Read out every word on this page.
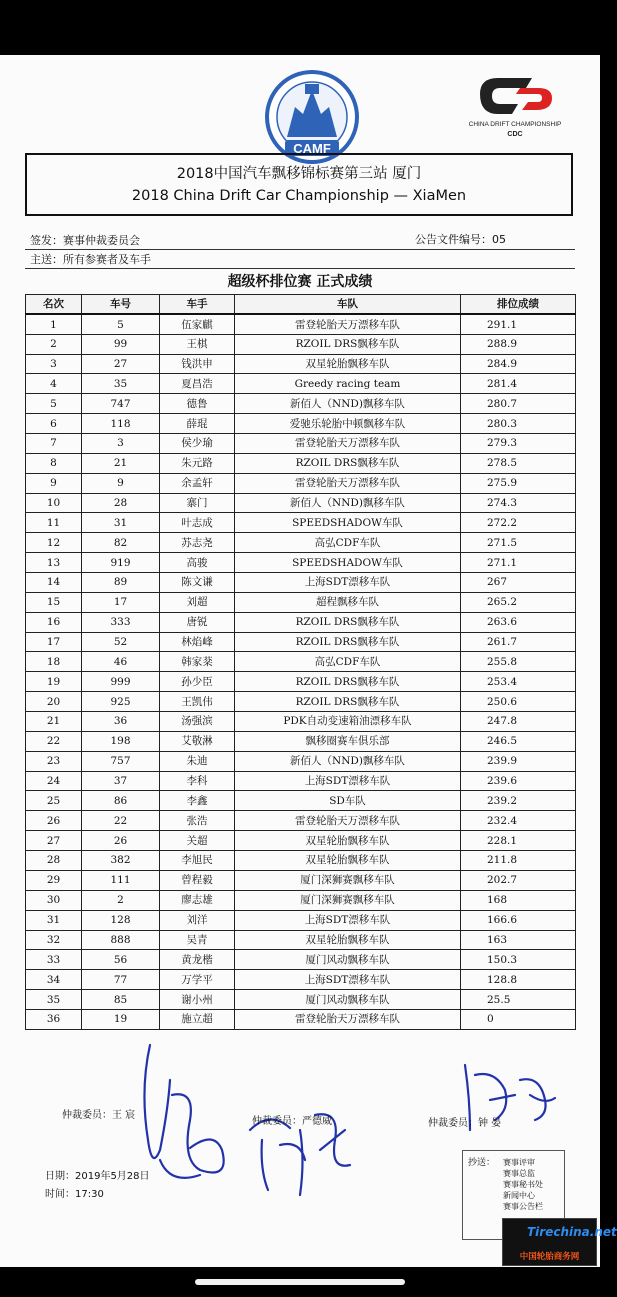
CAMF
CHINA DRIFT CHAMPIONSHIP
CDC
2018中国汽车飘移锦标赛第三站 厦门
2018 China Drift Car Championship — XiaMen
签发：赛事仲裁委员会	公告文件编号：05
主送：所有参赛者及车手
超级杯排位赛 正式成绩
名次	车号	车手	车队	排位成绩
1	5	伍家麒	雷登轮胎天万漂移车队	291.1
2	99	王棋	RZOIL DRS飘移车队	288.9
3	27	钱洪申	双星轮胎飘移车队	284.9
4	35	夏昌浩	Greedy racing team	281.4
5	747	德鲁	新佰人（NND)飘移车队	280.7
6	118	薛琨	爱驰乐轮胎中顿飘移车队	280.3
7	3	侯少瑜	雷登轮胎天万漂移车队	279.3
8	21	朱元路	RZOIL DRS飘移车队	278.5
9	9	余孟轩	雷登轮胎天万漂移车队	275.9
10	28	寨门	新佰人（NND)飘移车队	274.3
11	31	叶志成	SPEEDSHADOW车队	272.2
12	82	苏志尧	高弘CDF车队	271.5
13	919	高骏	SPEEDSHADOW车队	271.1
14	89	陈文谦	上海SDT漂移车队	267
15	17	刘超	超程飘移车队	265.2
16	333	唐锐	RZOIL DRS飘移车队	263.6
17	52	林焰峰	RZOIL DRS飘移车队	261.7
18	46	韩家棻	高弘CDF车队	255.8
19	999	孙少臣	RZOIL DRS飘移车队	253.4
20	925	王凯伟	RZOIL DRS飘移车队	250.6
21	36	汤强滨	PDK自动变速箱油漂移车队	247.8
22	198	艾敬淋	飘移圈赛车俱乐部	246.5
23	757	朱迪	新佰人（NND)飘移车队	239.9
24	37	李科	上海SDT漂移车队	239.6
25	86	李鑫	SD车队	239.2
26	22	张浩	雷登轮胎天万漂移车队	232.4
27	26	关超	双星轮胎飘移车队	228.1
28	382	李旭民	双星轮胎飘移车队	211.8
29	111	曾程毅	厦门深狮赛飘移车队	202.7
30	2	廖志雄	厦门深狮赛飘移车队	168
31	128	刘洋	上海SDT漂移车队	166.6
32	888	吴青	双星轮胎飘移车队	163
33	56	黄龙楷	厦门风动飘移车队	150.3
34	77	万学平	上海SDT漂移车队	128.8
35	85	谢小州	厦门风动飘移车队	25.5
36	19	施立超	雷登轮胎天万漂移车队	0
仲裁委员：王 宸
仲裁委员：严德威	仲裁委员：钟 晏
日期：2019年5月28日
时间：17:30
抄送： 赛事评审
赛事总监
赛事秘书处
新闻中心
赛事公告栏
Tirechina.net
中国轮胎商务网
